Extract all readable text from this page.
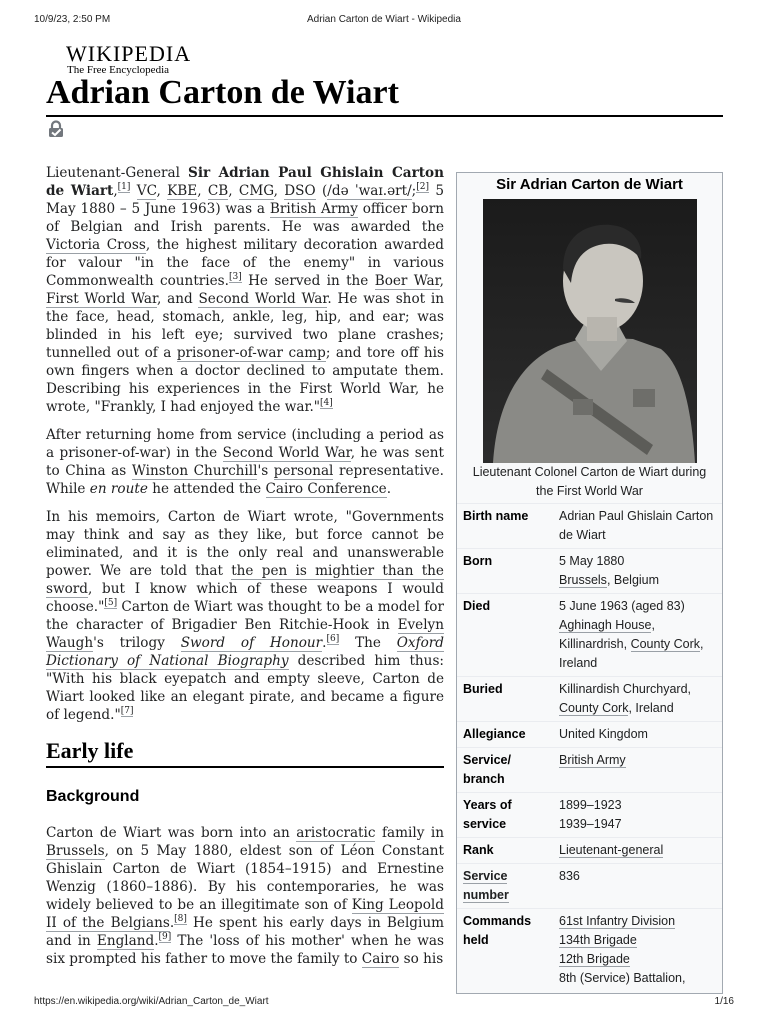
10/9/23, 2:50 PM	Adrian Carton de Wiart - Wikipedia
WIKIPEDIA
The Free Encyclopedia
Adrian Carton de Wiart

Lieutenant-General Sir Adrian Paul Ghislain Carton de Wiart,[1] VC, KBE, CB, CMG, DSO (/də ˈwaɪ.ərt/;[2] 5 May 1880 – 5 June 1963) was a British Army officer born of Belgian and Irish parents. He was awarded the Victoria Cross, the highest military decoration awarded for valour "in the face of the enemy" in various Commonwealth countries.[3] He served in the Boer War, First World War, and Second World War. He was shot in the face, head, stomach, ankle, leg, hip, and ear; was blinded in his left eye; survived two plane crashes; tunnelled out of a prisoner-of-war camp; and tore off his own fingers when a doctor declined to amputate them. Describing his experiences in the First World War, he wrote, "Frankly, I had enjoyed the war."[4]

After returning home from service (including a period as a prisoner-of-war) in the Second World War, he was sent to China as Winston Churchill's personal representative. While en route he attended the Cairo Conference.

In his memoirs, Carton de Wiart wrote, "Governments may think and say as they like, but force cannot be eliminated, and it is the only real and unanswerable power. We are told that the pen is mightier than the sword, but I know which of these weapons I would choose."[5] Carton de Wiart was thought to be a model for the character of Brigadier Ben Ritchie-Hook in Evelyn Waugh's trilogy Sword of Honour.[6] The Oxford Dictionary of National Biography described him thus: "With his black eyepatch and empty sleeve, Carton de Wiart looked like an elegant pirate, and became a figure of legend."[7]

Early life
Background

Carton de Wiart was born into an aristocratic family in Brussels, on 5 May 1880, eldest son of Léon Constant Ghislain Carton de Wiart (1854–1915) and Ernestine Wenzig (1860–1886). By his contemporaries, he was widely believed to be an illegitimate son of King Leopold II of the Belgians.[8] He spent his early days in Belgium and in England.[9] The 'loss of his mother' when he was six prompted his father to move the family to Cairo so his

Sir Adrian Carton de Wiart
Lieutenant Colonel Carton de Wiart during the First World War
Birth name	Adrian Paul Ghislain Carton de Wiart
Born	5 May 1880
Brussels, Belgium
Died	5 June 1963 (aged 83)
Aghinagh House, Killinardrish, County Cork, Ireland
Buried	Killinardish Churchyard, County Cork, Ireland
Allegiance	United Kingdom
Service/ branch	British Army
Years of service	1899–1923
1939–1947
Rank	Lieutenant-general
Service number	836
Commands held	61st Infantry Division
134th Brigade
12th Brigade
8th (Service) Battalion,
https://en.wikipedia.org/wiki/Adrian_Carton_de_Wiart	1/16
